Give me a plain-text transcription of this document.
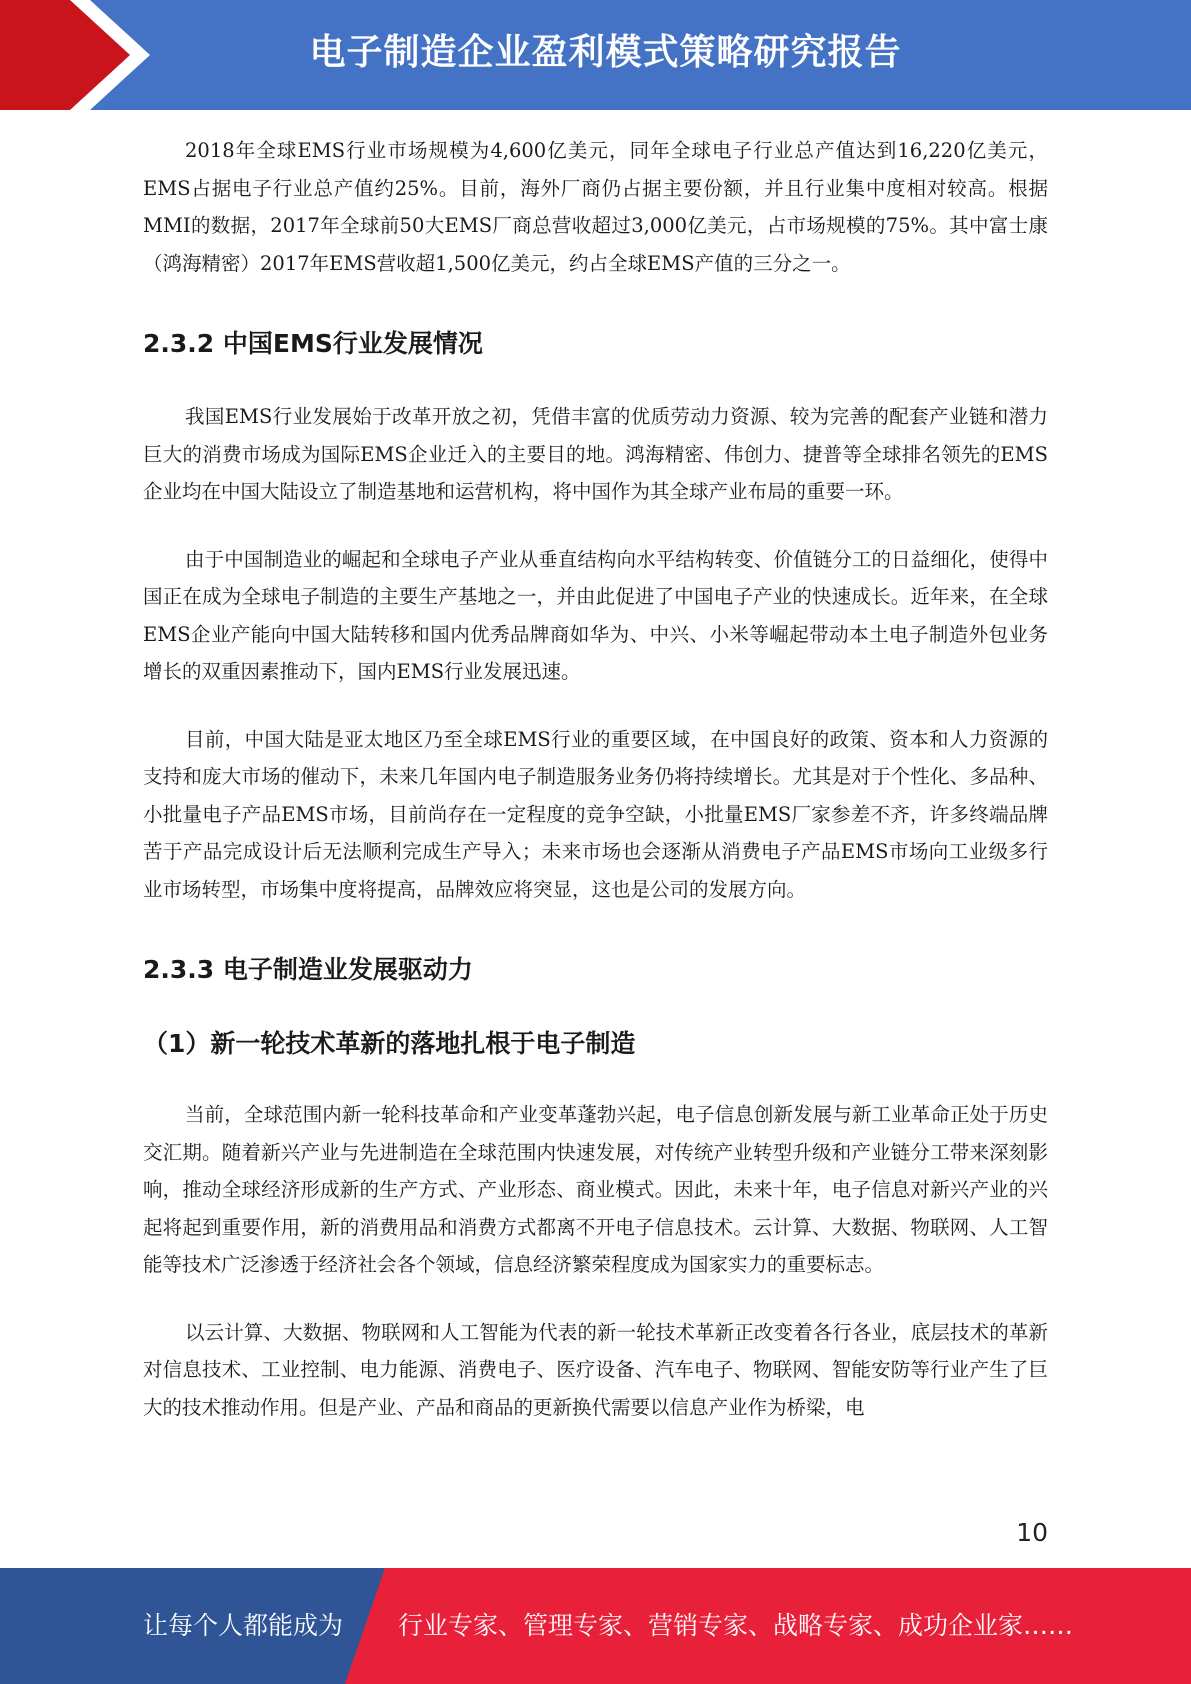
电子制造企业盈利模式策略研究报告

2018年全球EMS行业市场规模为4,600亿美元，同年全球电子行业总产值达到16,220亿美元，EMS占据电子行业总产值约25%。目前，海外厂商仍占据主要份额，并且行业集中度相对较高。根据MMI的数据，2017年全球前50大EMS厂商总营收超过3,000亿美元，占市场规模的75%。其中富士康（鸿海精密）2017年EMS营收超1,500亿美元，约占全球EMS产值的三分之一。

2.3.2 中国EMS行业发展情况

我国EMS行业发展始于改革开放之初，凭借丰富的优质劳动力资源、较为完善的配套产业链和潜力巨大的消费市场成为国际EMS企业迁入的主要目的地。鸿海精密、伟创力、捷普等全球排名领先的EMS企业均在中国大陆设立了制造基地和运营机构，将中国作为其全球产业布局的重要一环。

由于中国制造业的崛起和全球电子产业从垂直结构向水平结构转变、价值链分工的日益细化，使得中国正在成为全球电子制造的主要生产基地之一，并由此促进了中国电子产业的快速成长。近年来，在全球EMS企业产能向中国大陆转移和国内优秀品牌商如华为、中兴、小米等崛起带动本土电子制造外包业务增长的双重因素推动下，国内EMS行业发展迅速。

目前，中国大陆是亚太地区乃至全球EMS行业的重要区域，在中国良好的政策、资本和人力资源的支持和庞大市场的催动下，未来几年国内电子制造服务业务仍将持续增长。尤其是对于个性化、多品种、小批量电子产品EMS市场，目前尚存在一定程度的竞争空缺，小批量EMS厂家参差不齐，许多终端品牌苦于产品完成设计后无法顺利完成生产导入；未来市场也会逐渐从消费电子产品EMS市场向工业级多行业市场转型，市场集中度将提高，品牌效应将突显，这也是公司的发展方向。

2.3.3 电子制造业发展驱动力
（1）新一轮技术革新的落地扎根于电子制造

当前，全球范围内新一轮科技革命和产业变革蓬勃兴起，电子信息创新发展与新工业革命正处于历史交汇期。随着新兴产业与先进制造在全球范围内快速发展，对传统产业转型升级和产业链分工带来深刻影响，推动全球经济形成新的生产方式、产业形态、商业模式。因此，未来十年，电子信息对新兴产业的兴起将起到重要作用，新的消费用品和消费方式都离不开电子信息技术。云计算、大数据、物联网、人工智能等技术广泛渗透于经济社会各个领域，信息经济繁荣程度成为国家实力的重要标志。

以云计算、大数据、物联网和人工智能为代表的新一轮技术革新正改变着各行各业，底层技术的革新对信息技术、工业控制、电力能源、消费电子、医疗设备、汽车电子、物联网、智能安防等行业产生了巨大的技术推动作用。但是产业、产品和商品的更新换代需要以信息产业作为桥梁，电

10
让每个人都能成为 行业专家、管理专家、营销专家、战略专家、成功企业家……
